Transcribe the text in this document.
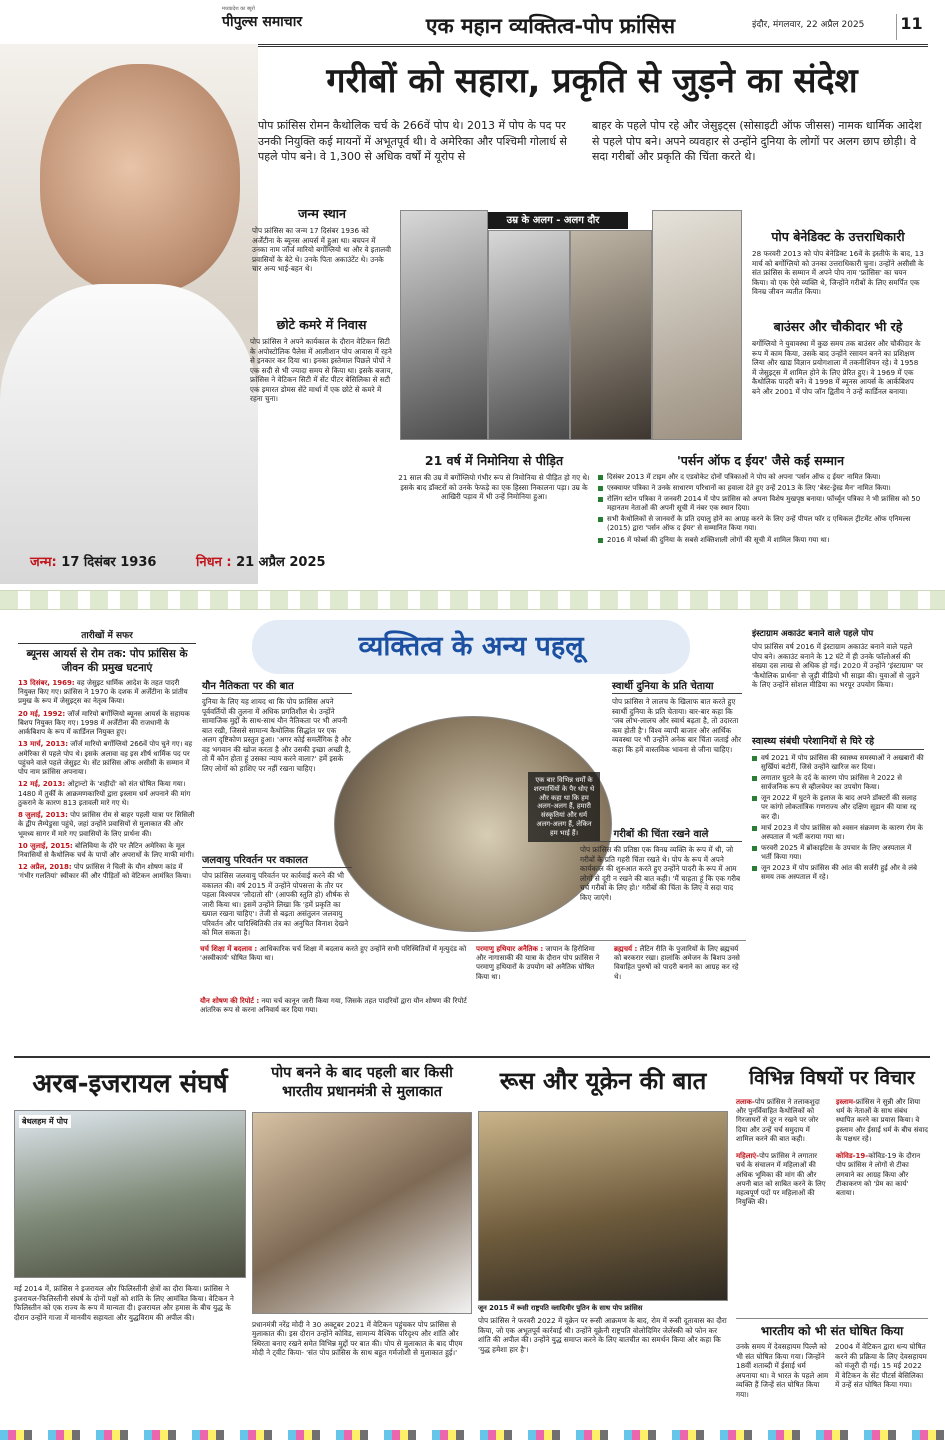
मध्यप्रदेश का ब्यूरो
पीपुल्स समाचार	एक महान व्यक्तित्व-पोप फ्रांसिस	इंदौर, मंगलवार, 22 अप्रैल 2025	11
गरीबों को सहारा, प्रकृति से जुड़ने का संदेश
पोप फ्रांसिस रोमन कैथोलिक चर्च के 266वें पोप थे। 2013 में पोप के पद पर उनकी नियुक्ति कई मायनों में अभूतपूर्व थी। वे अमेरिका और पश्चिमी गोलार्ध से पहले पोप बने। वे 1,300 से अधिक वर्षों में यूरोप से
बाहर के पहले पोप रहे और जेसुइट्स (सोसाइटी ऑफ जीसस) नामक धार्मिक आदेश से पहले पोप बने। अपने व्यवहार से उन्होंने दुनिया के लोगों पर अलग छाप छोड़ी। वे सदा गरीबों और प्रकृति की चिंता करते थे।
उम्र के अलग - अलग दौर
जन्म स्थान

पोप फ्रांसिस का जन्म 17 दिसंबर 1936 को अर्जेंटीना के ब्यूनस आयर्स में हुआ था। बचपन में उनका नाम जॉर्ज मारियो बर्गोग्लियो था और वे इतालवी प्रवासियों के बेटे थे। उनके पिता अकाउंटेंट थे। उनके चार अन्य भाई-बहन थे।

छोटे कमरे में निवास

पोप फ्रांसिस ने अपने कार्यकाल के दौरान वेटिकन सिटी के अपोस्टोलिक पैलेस में आलीशान पोप आवास में रहने से इनकार कर दिया था। इनका इस्तेमाल पिछले पोपों ने एक सदी से भी ज्यादा समय से किया था। इसके बजाय, फ्रांसिस ने वेटिकन सिटी में सेंट पीटर बेसिलिका से सटी एक इमारत डोमस सेंटे मार्था में एक छोटे से कमरे में रहना चुना।

पोप बेनेडिक्ट के उत्तराधिकारी

28 फरवरी 2013 को पोप बेनेडिक्ट 16वें के इस्तीफे के बाद, 13 मार्च को बर्गोग्लियो को उनका उत्तराधिकारी चुना। उन्होंने असीसी के संत फ्रांसिस के सम्मान में अपने पोप नाम 'फ्रांसिस' का चयन किया। वो एक ऐसे व्यक्ति थे, जिन्होंने गरीबों के लिए समर्पित एक विनम्र जीवन व्यतीत किया।

बाउंसर और चौकीदार भी रहे

बर्गोग्लियो ने युवावस्था में कुछ समय तक बाउंसर और चौकीदार के रूप में काम किया, उसके बाद उन्होंने रसायन बनने का प्रशिक्षण लिया और खाद्य विज्ञान प्रयोगशाला में तकनीशियन रहे। वे 1958 में जेसुइट्स में शामिल होने के लिए प्रेरित हुए। वे 1969 में एक कैथोलिक पादरी बने। वे 1998 में ब्यूनस आयर्स के आर्कबिशप बने और 2001 में पोप जॉन द्वितीय ने उन्हें कार्डिनल बनाया।

21 वर्ष में निमोनिया से पीड़ित

21 साल की उम्र में बर्गोग्लियो गंभीर रूप से निमोनिया से पीड़ित हो गए थे। इसके बाद डॉक्टरों को उनके फेफड़े का एक हिस्सा निकालना पड़ा। उम्र के आखिरी पड़ाव में भी उन्हें निमोनिया हुआ।

'पर्सन ऑफ द ईयर' जैसे कई सम्मान
दिसंबर 2013 में टाइम और द एडवोकेट दोनों पत्रिकाओं ने पोप को अपना 'पर्सन ऑफ द ईयर' नामित किया।
एस्क्वायर पत्रिका ने उनके साधारण परिधानों का हवाला देते हुए उन्हें 2013 के लिए 'बेस्ट-ड्रेस्ड मैन' नामित किया।
रोलिंग स्टोन पत्रिका ने जनवरी 2014 में पोप फ्रांसिस को अपना विशेष मुखपृष्ठ बनाया। फॉर्च्यून पत्रिका ने भी फ्रांसिस को 50 महानतम नेताओं की अपनी सूची में नंबर एक स्थान दिया।
सभी कैथोलिकों से जानवरों के प्रति दयालु होने का आग्रह करने के लिए उन्हें पीपल फॉर द एथिकल ट्रीटमेंट ऑफ एनिमल्स (2015) द्वारा 'पर्सन ऑफ द ईयर' से सम्मानित किया गया।
2016 में फोर्ब्स की दुनिया के सबसे शक्तिशाली लोगों की सूची में शामिल किया गया था।
जन्म: 17 दिसंबर 1936	निधन : 21 अप्रैल 2025
तारीखों में सफर
ब्यूनस आयर्स से रोम तक: पोप फ्रांसिस के जीवन की प्रमुख घटनाएं
13 दिसंबर, 1969: वह जेसुइट धार्मिक आदेश के तहत पादरी नियुक्त किए गए। फ्रांसिस ने 1970 के दशक में अर्जेंटीना के प्रांतीय प्रमुख के रूप में जेसुइट्स का नेतृत्व किया।
20 मई, 1992: जॉर्ज मारियो बर्गोग्लियो ब्यूनस आयर्स के सहायक बिशप नियुक्त किए गए। 1998 में अर्जेंटीना की राजधानी के आर्कबिशप के रूप में कार्डिनल नियुक्त हुए।
13 मार्च, 2013: जॉर्ज मारियो बर्गोग्लियो 266वें पोप चुने गए। वह अमेरिका से पहले पोप थे। इसके अलावा वह इस शीर्ष धार्मिक पद पर पहुंचने वाले पहले जेसुइट थे। सेंट फ्रांसिस ऑफ असीसी के सम्मान में पोप नाम फ्रांसिस अपनाया।
12 मई, 2013: ओट्रान्टो के 'शहीदों' को संत घोषित किया गया। 1480 में तुर्की के आक्रमणकारियों द्वारा इस्लाम धर्म अपनाने की मांग ठुकराने के कारण 813 इतावली मारे गए थे।
8 जुलाई, 2013: पोप फ्रांसिस रोम से बाहर पहली यात्रा पर सिसिली के द्वीप लैम्पेडुसा पहुंचे, जहां उन्होंने प्रवासियों से मुलाकात की और भूमध्य सागर में मारे गए प्रवासियों के लिए प्रार्थना की।
10 जुलाई, 2015: बोलिविया के दौरे पर लैटिन अमेरिका के मूल निवासियों से कैथोलिक चर्च के पापों और अपराधों के लिए माफी मांगी।
12 अप्रैल, 2018: पोप फ्रांसिस ने चिली के यौन शोषण कांड में 'गंभीर गलतियां' स्वीकार कीं और पीड़ितों को वेटिकन आमंत्रित किया।
व्यक्तित्व के अन्य पहलू
एक बार विभिन्न धर्मों के शरणार्थियों के पैर धोए थे और कहा था कि हम अलग-अलग हैं, हमारी संस्कृतियां और धर्म अलग-अलग हैं, लेकिन हम भाई हैं।
यौन नैतिकता पर की बात

दुनिया के लिए यह शायद था कि पोप फ्रांसिस अपने पूर्ववर्तियों की तुलना में अधिक प्रगतिशील थे। उन्होंने सामाजिक मुद्दों के साथ-साथ यौन नैतिकता पर भी अपनी बात रखी, जिससे सामान्य कैथोलिक सिद्धांत पर एक अलग दृष्टिकोण प्रस्तुत हुआ। 'अगर कोई समलैंगिक है और वह भगवान की खोज करता है और उसकी इच्छा अच्छी है, तो मैं कौन होता हूं उसका न्याय करने वाला?' हमें इसके लिए लोगों को हाशिए पर नहीं रखना चाहिए।

जलवायु परिवर्तन पर वकालत

पोप फ्रांसिस जलवायु परिवर्तन पर कार्रवाई करने की भी वकालत की। वर्ष 2015 में उन्होंने पोपसत्ता के तौर पर पहला विश्वपत्र 'लौदातो सी' (आपकी स्तुति हो) शीर्षक से जारी किया था। इसमें उन्होंने लिखा कि 'हमें प्रकृति का ख्याल रखना चाहिए'। तेजी से बढ़ता असंतुलन जलवायु परिवर्तन और पारिस्थितिकी तंत्र का अनुचित विनाश देखने को मिल सकता है।

स्वार्थी दुनिया के प्रति चेताया

पोप फ्रांसिस ने लालच के खिलाफ बात करते हुए स्वार्थी दुनिया के प्रति चेताया। बार-बार कहा कि 'जब लोभ-लालच और स्वार्थ बढ़ता है, तो उदारता कम होती है'। विश्व व्यापी बाजार और आर्थिक व्यवस्था पर भी उन्होंने अनेक बार चिंता जताई और कहा कि हमें वास्तविक भावना से जीना चाहिए।

गरीबों की चिंता रखने वाले

पोप फ्रांसिस की प्रतिष्ठा एक विनम्र व्यक्ति के रूप में थी, जो गरीबों के प्रति गहरी चिंता रखते थे। पोप के रूप में अपने कार्यकाल की शुरुआत करते हुए उन्होंने पादरी के रूप में आम लोगों से दूरी न रखने की बात कही। 'मैं चाहता हूं कि एक गरीब चर्च गरीबों के लिए हो।' गरीबों की चिंता के लिए वे सदा याद किए जाएंगे।

चर्च शिक्षा में बदलाव : आधिकारिक चर्च शिक्षा में बदलाव करते हुए उन्होंने सभी परिस्थितियों में मृत्युदंड को 'अस्वीकार्य' घोषित किया था।
यौन शोषण की रिपोर्ट : नया चर्च कानून जारी किया गया, जिसके तहत पादरियों द्वारा यौन शोषण की रिपोर्ट आंतरिक रूप से करना अनिवार्य कर दिया गया।
परमाणु हथियार अनैतिक : जापान के हिरोशिमा और नागासाकी की यात्रा के दौरान पोप फ्रांसिस ने परमाणु हथियारों के उपयोग को अनैतिक घोषित किया था।
ब्रह्मचर्य : लैटिन रीति के पुजारियों के लिए ब्रह्मचर्य को बरकरार रखा। हालांकि अमेजन के बिशप उनसे विवाहित पुरुषों को पादरी बनाने का आग्रह कर रहे थे।
इंस्टाग्राम अकाउंट बनाने वाले पहले पोप

पोप फ्रांसिस वर्ष 2016 में इंस्टाग्राम अकाउंट बनाने वाले पहले पोप बने। अकाउंट बनाने के 12 घंटे में ही उनके फॉलोअर्स की संख्या दस लाख से अधिक हो गई। 2020 में उन्होंने 'इंस्टाग्राम' पर 'कैथोलिक प्रार्थना' से जुड़ी वीडियो भी साझा की। युवाओं से जुड़ने के लिए उन्होंने सोशल मीडिया का भरपूर उपयोग किया।

स्वास्थ्य संबंधी परेशानियों से घिरे रहे
वर्ष 2021 में पोप फ्रांसिस की स्वास्थ्य समस्याओं ने अखबारों की सुर्खियां बटोरीं, जिसे उन्होंने खारिज कर दिया।
लगातार घुटने के दर्द के कारण पोप फ्रांसिस ने 2022 से सार्वजनिक रूप से व्हीलचेयर का उपयोग किया।
जून 2022 में घुटने के इलाज के बाद अपने डॉक्टरों की सलाह पर कांगो लोकतांत्रिक गणराज्य और दक्षिण सूडान की यात्रा रद्द कर दी।
मार्च 2023 में पोप फ्रांसिस को श्वसन संक्रमण के कारण रोम के अस्पताल में भर्ती कराया गया था।
फरवरी 2025 में ब्रोंकाइटिस के उपचार के लिए अस्पताल में भर्ती किया गया।
जून 2023 में पोप फ्रांसिस की आंत की सर्जरी हुई और वे लंबे समय तक अस्पताल में रहे।
अरब-इजरायल संघर्ष
बेथलहम में पोप

मई 2014 में, फ्रांसिस ने इजरायल और फिलिस्तीनी क्षेत्रों का दौरा किया। फ्रांसिस ने इजरायल-फिलिस्तीनी संघर्ष के दोनों पक्षों को शांति के लिए आमंत्रित किया। वेटिकन ने फिलिस्तीन को एक राज्य के रूप में मान्यता दी। इजरायल और हमास के बीच युद्ध के दौरान उन्होंने गाजा में मानवीय सहायता और युद्धविराम की अपील की।

पोप बनने के बाद पहली बार किसी भारतीय प्रधानमंत्री से मुलाकात

प्रधानमंत्री नरेंद्र मोदी ने 30 अक्टूबर 2021 में वेटिकन पहुंचकर पोप फ्रांसिस से मुलाकात की। इस दौरान उन्होंने कोविड, सामान्य वैश्विक परिदृश्य और शांति और स्थिरता बनाए रखने समेत विभिन्न मुद्दों पर बात की। पोप से मुलाकात के बाद पीएम मोदी ने ट्वीट किया- 'संत पोप फ्रांसिस के साथ बहुत गर्मजोशी से मुलाकात हुई।'

रूस और यूक्रेन की बात
जून 2015 में रूसी राष्ट्रपति व्लादिमीर पुतिन के साथ पोप फ्रांसिस

पोप फ्रांसिस ने फरवरी 2022 में यूक्रेन पर रूसी आक्रमण के बाद, रोम में रूसी दूतावास का दौरा किया, जो एक अभूतपूर्व कार्रवाई थी। उन्होंने यूक्रेनी राष्ट्रपति वोलोदिमिर जेलेंस्की को फोन कर शांति की अपील की। उन्होंने युद्ध समाप्त करने के लिए बातचीत का समर्थन किया और कहा कि 'युद्ध हमेशा हार है'।

विभिन्न विषयों पर विचार
तलाक-पोप फ्रांसिस ने तलाकशुदा और पुनर्विवाहित कैथोलिकों को गिरजाघरों से दूर न रखने पर जोर दिया और उन्हें चर्च समुदाय में शामिल करने की बात कही।
महिलाएं-पोप फ्रांसिस ने लगातार चर्च के संचालन में महिलाओं की अधिक भूमिका की मांग की और अपनी बात को साबित करने के लिए महत्वपूर्ण पदों पर महिलाओं की नियुक्ति की।
इस्लाम-फ्रांसिस ने सुन्नी और शिया धर्म के नेताओं के साथ संबंध स्थापित करने का प्रयास किया। वे इस्लाम और ईसाई धर्म के बीच संवाद के पक्षधर रहे।
कोविड-19-कोविड-19 के दौरान पोप फ्रांसिस ने लोगों से टीका लगवाने का आग्रह किया और टीकाकरण को 'प्रेम का कार्य' बताया।
भारतीय को भी संत घोषित किया

उनके समय में देवसहायम पिल्लै को भी संत घोषित किया गया। जिन्होंने 18वीं शताब्दी में ईसाई धर्म अपनाया था। वे भारत के पहले आम व्यक्ति हैं जिन्हें संत घोषित किया गया।

2004 में वेटिकन द्वारा धन्य घोषित करने की प्रक्रिया के लिए देवसहायम को मंजूरी दी गई। 15 मई 2022 में वेटिकन के सेंट पीटर्स बेसिलिका में उन्हें संत घोषित किया गया।
